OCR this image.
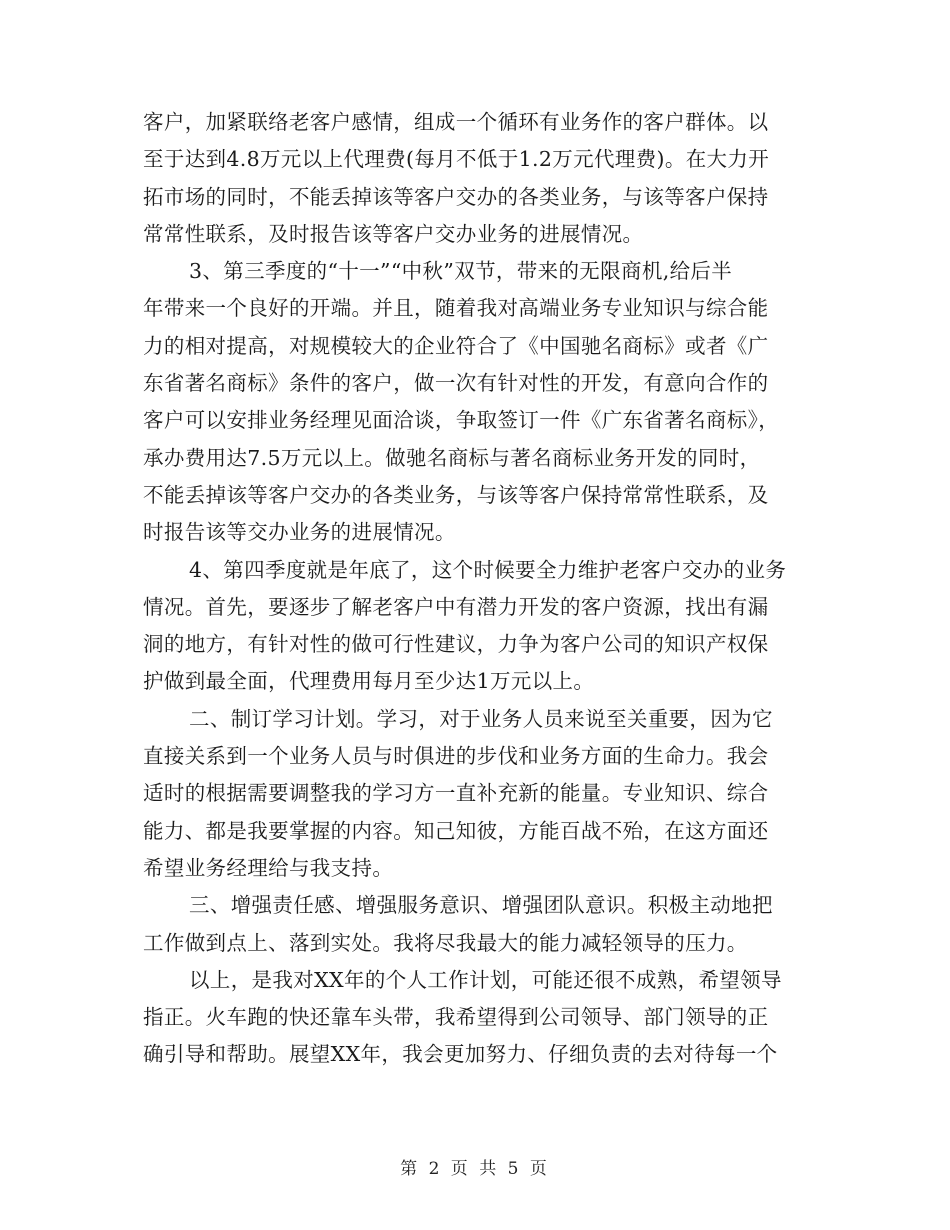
客户，加紧联络老客户感情，组成一个循环有业务作的客户群体。以
至于达到4.8万元以上代理费(每月不低于1.2万元代理费)。在大力开
拓市场的同时，不能丢掉该等客户交办的各类业务，与该等客户保持
常常性联系，及时报告该等客户交办业务的进展情况。
3、第三季度的“十一”“中秋”双节，带来的无限商机,给后半
年带来一个良好的开端。并且，随着我对高端业务专业知识与综合能
力的相对提高，对规模较大的企业符合了《中国驰名商标》或者《广
东省著名商标》条件的客户，做一次有针对性的开发，有意向合作的
客户可以安排业务经理见面洽谈，争取签订一件《广东省著名商标》，
承办费用达7.5万元以上。做驰名商标与著名商标业务开发的同时，
不能丢掉该等客户交办的各类业务，与该等客户保持常常性联系，及
时报告该等交办业务的进展情况。
4、第四季度就是年底了，这个时候要全力维护老客户交办的业务
情况。首先，要逐步了解老客户中有潜力开发的客户资源，找出有漏
洞的地方，有针对性的做可行性建议，力争为客户公司的知识产权保
护做到最全面，代理费用每月至少达1万元以上。
二、制订学习计划。学习，对于业务人员来说至关重要，因为它
直接关系到一个业务人员与时俱进的步伐和业务方面的生命力。我会
适时的根据需要调整我的学习方一直补充新的能量。专业知识、综合
能力、都是我要掌握的内容。知己知彼，方能百战不殆，在这方面还
希望业务经理给与我支持。
三、增强责任感、增强服务意识、增强团队意识。积极主动地把
工作做到点上、落到实处。我将尽我最大的能力减轻领导的压力。
以上，是我对XX年的个人工作计划，可能还很不成熟，希望领导
指正。火车跑的快还靠车头带，我希望得到公司领导、部门领导的正
确引导和帮助。展望XX年，我会更加努力、仔细负责的去对待每一个
第 2 页 共 5 页
